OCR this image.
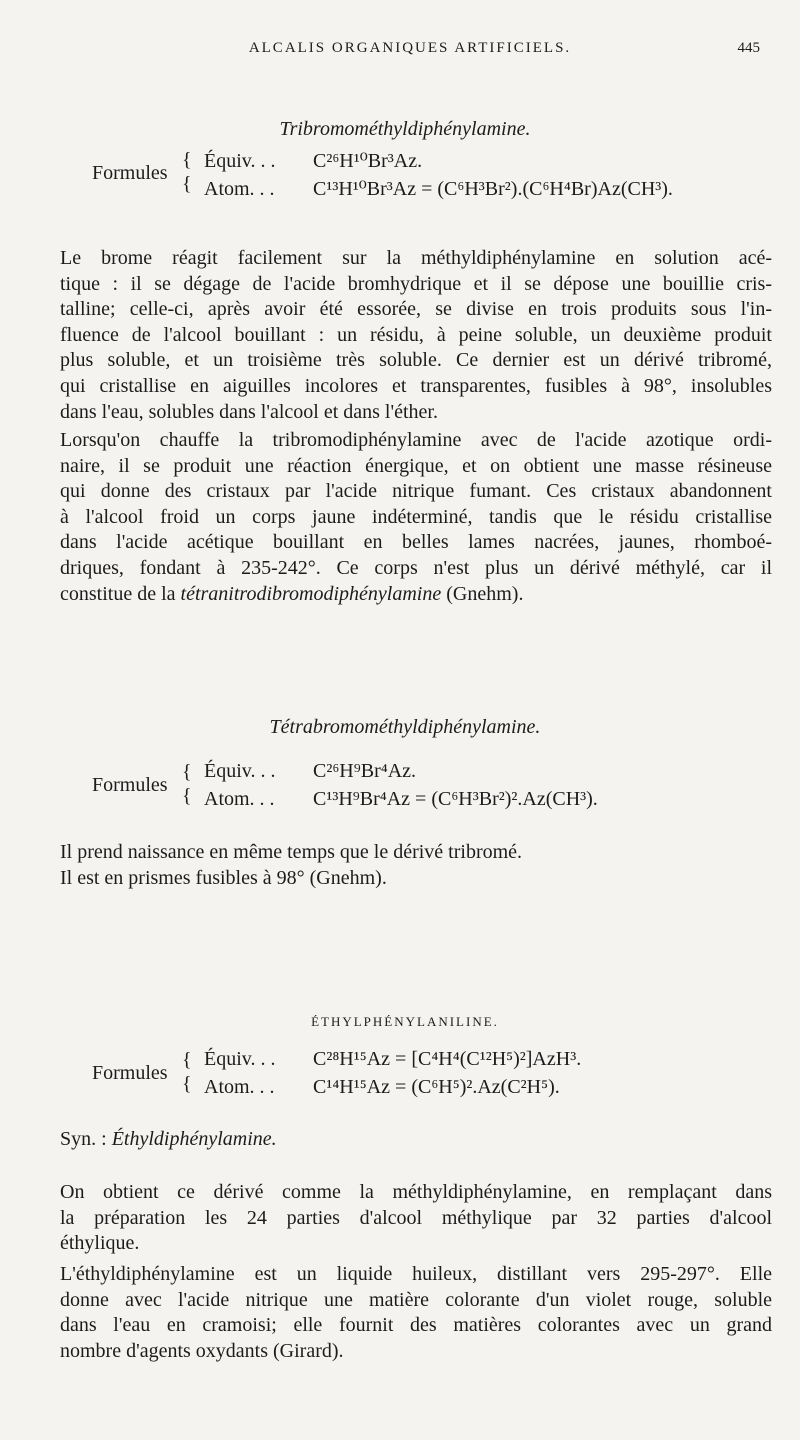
ALCALIS ORGANIQUES ARTIFICIELS.	445
Tribromométhyldiphénylamine.
Formules
{
{
Équiv. . . C²⁶H¹⁰Br³Az.
Atom. . . C¹³H¹⁰Br³Az = (C⁶H³Br²).(C⁶H⁴Br)Az(CH³).
Le brome réagit facilement sur la méthyldiphénylamine en solution acé-
tique : il se dégage de l'acide bromhydrique et il se dépose une bouillie cris-
talline; celle-ci, après avoir été essorée, se divise en trois produits sous l'in-
fluence de l'alcool bouillant : un résidu, à peine soluble, un deuxième produit
plus soluble, et un troisième très soluble. Ce dernier est un dérivé tribromé,
qui cristallise en aiguilles incolores et transparentes, fusibles à 98°, insolubles
dans l'eau, solubles dans l'alcool et dans l'éther.
Lorsqu'on chauffe la tribromodiphénylamine avec de l'acide azotique ordi-
naire, il se produit une réaction énergique, et on obtient une masse résineuse
qui donne des cristaux par l'acide nitrique fumant. Ces cristaux abandonnent
à l'alcool froid un corps jaune indéterminé, tandis que le résidu cristallise
dans l'acide acétique bouillant en belles lames nacrées, jaunes, rhomboé-
driques, fondant à 235-242°. Ce corps n'est plus un dérivé méthylé, car il
constitue de la tétranitrodibromodiphénylamine (Gnehm).
Tétrabromométhyldiphénylamine.
Formules
{
{
Équiv. . . C²⁶H⁹Br⁴Az.
Atom. . . C¹³H⁹Br⁴Az = (C⁶H³Br²)².Az(CH³).
Il prend naissance en même temps que le dérivé tribromé.
Il est en prismes fusibles à 98° (Gnehm).
ÉTHYLPHÉNYLANILINE.
Formules
{
{
Équiv. . . C²⁸H¹⁵Az = [C⁴H⁴(C¹²H⁵)²]AzH³.
Atom. . . C¹⁴H¹⁵Az = (C⁶H⁵)².Az(C²H⁵).
Syn. : Éthyldiphénylamine.
On obtient ce dérivé comme la méthyldiphénylamine, en remplaçant dans
la préparation les 24 parties d'alcool méthylique par 32 parties d'alcool
éthylique.
L'éthyldiphénylamine est un liquide huileux, distillant vers 295-297°. Elle
donne avec l'acide nitrique une matière colorante d'un violet rouge, soluble
dans l'eau en cramoisi; elle fournit des matières colorantes avec un grand
nombre d'agents oxydants (Girard).
